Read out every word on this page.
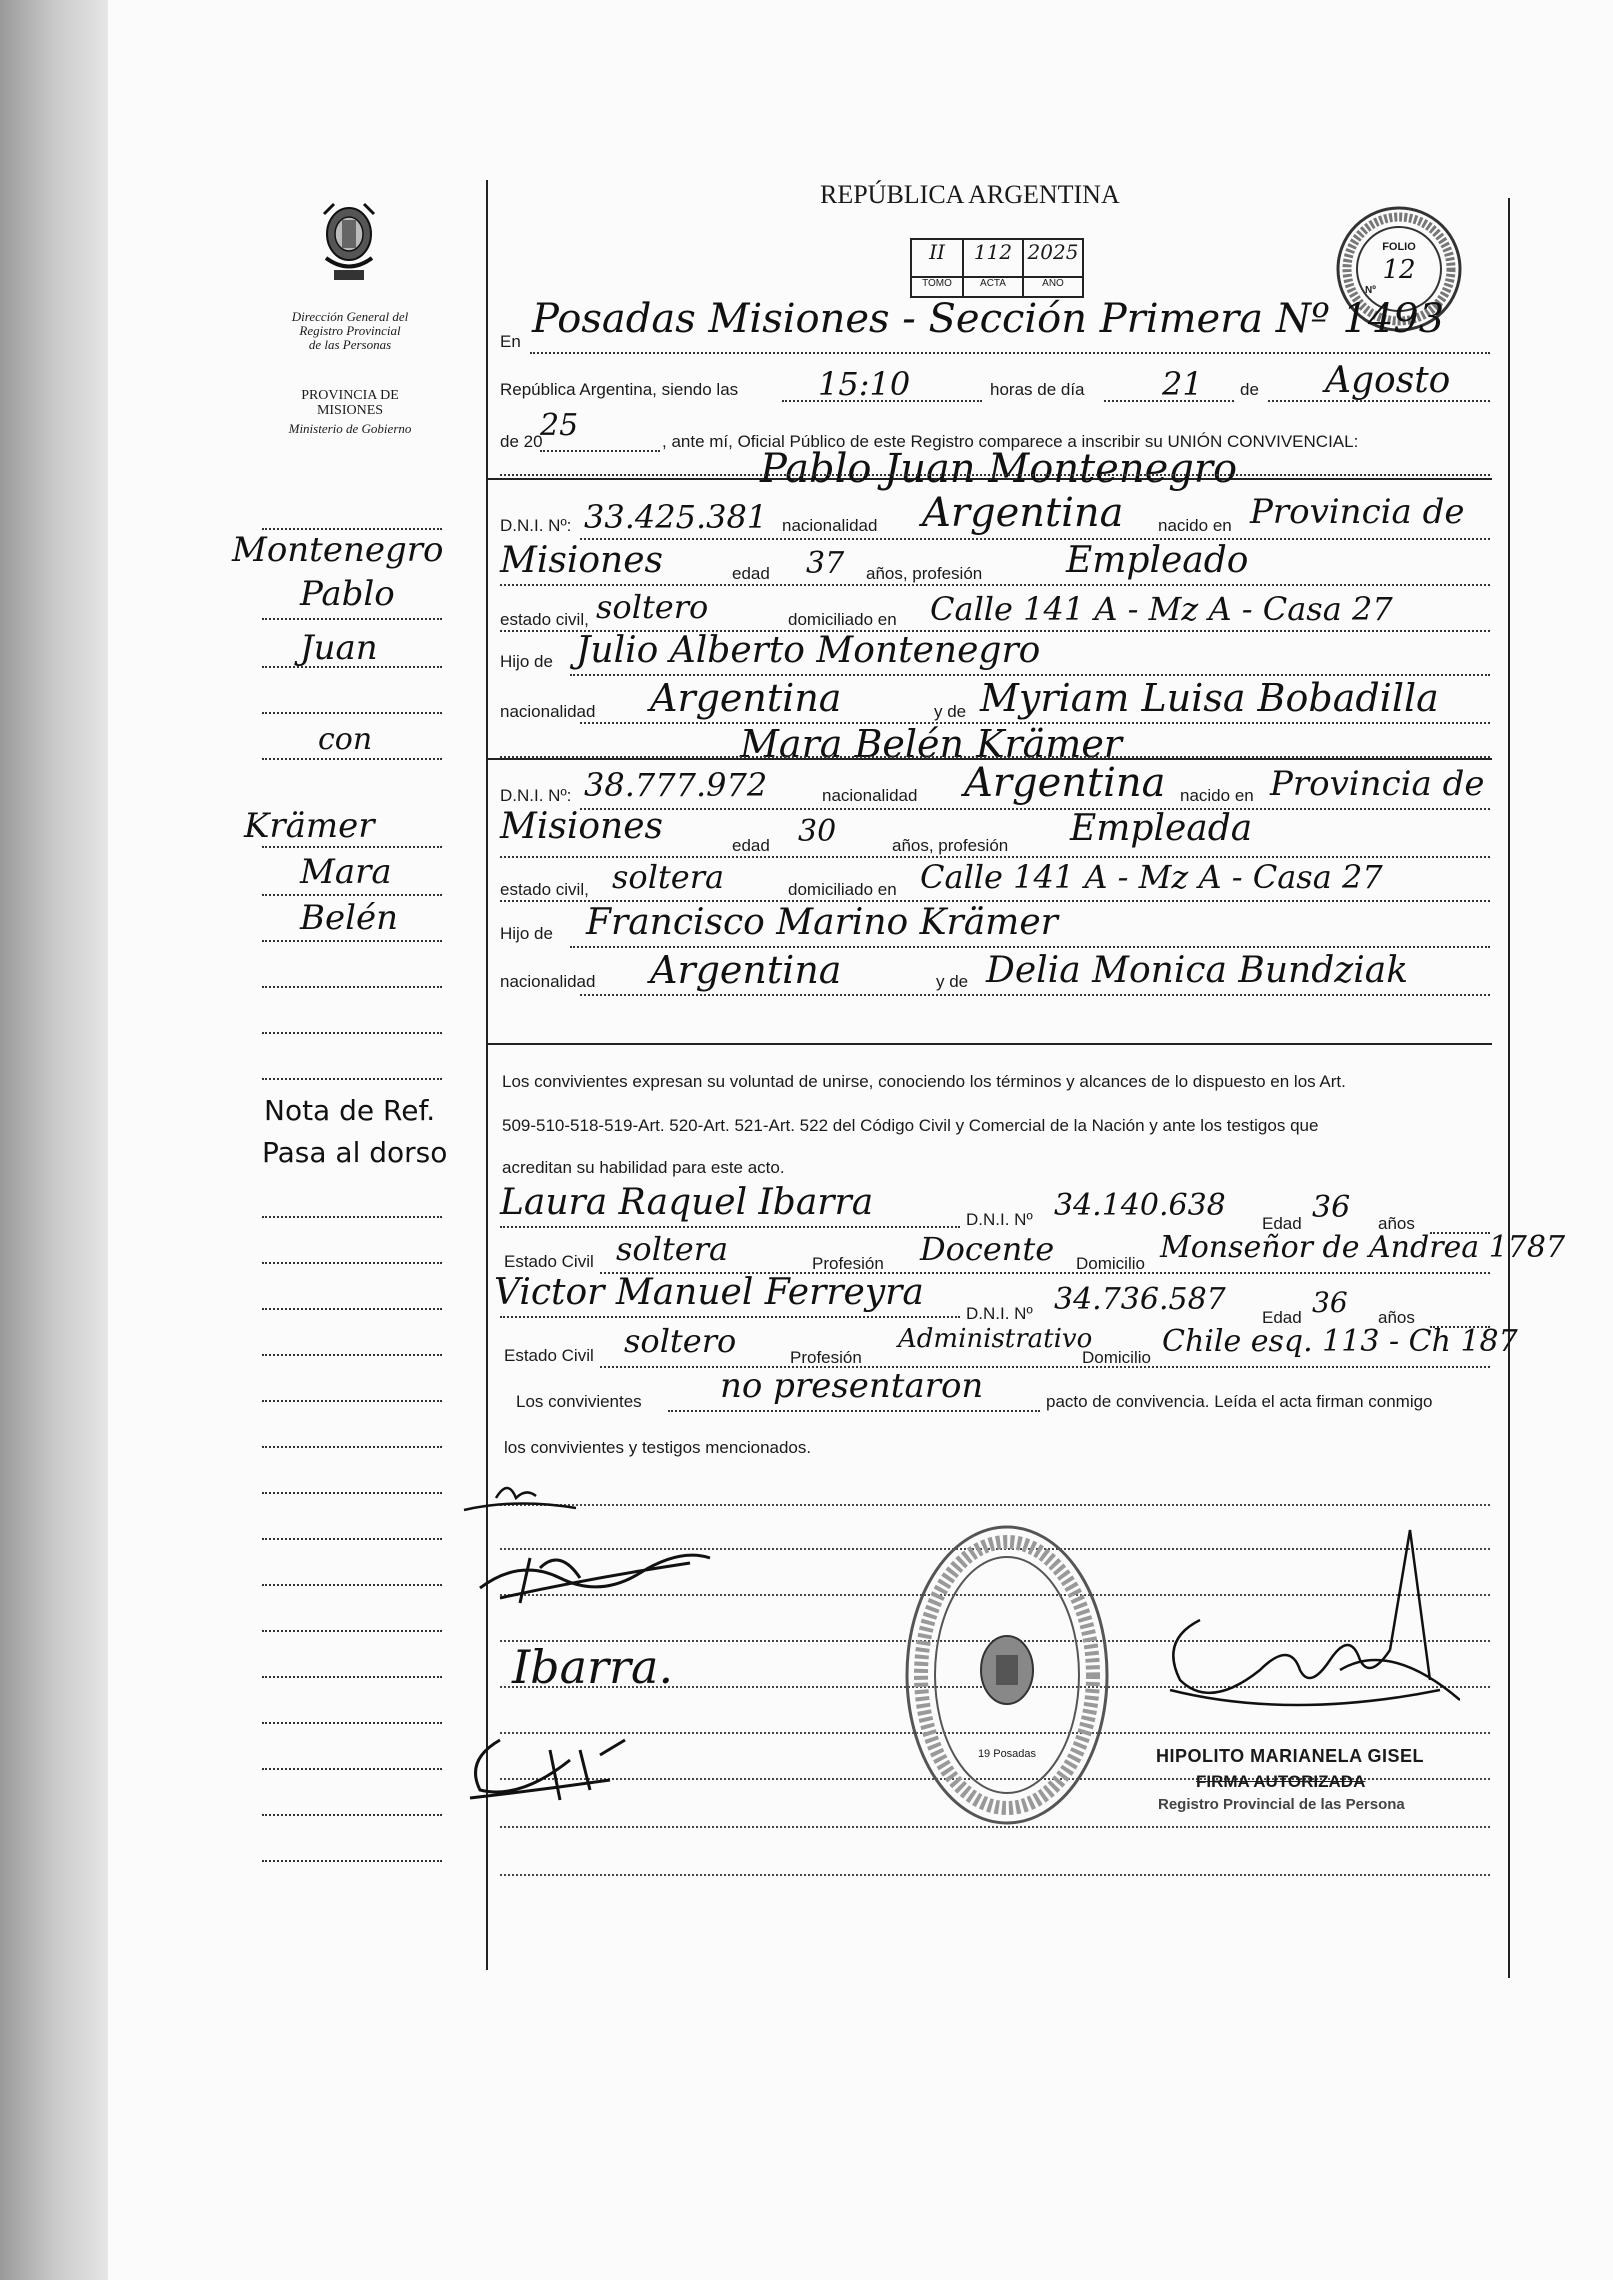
Dirección General del
Registro Provincial
de las Personas
PROVINCIA DE
MISIONES
Ministerio de Gobierno
REPÚBLICA ARGENTINA
II	112 2025
TOMO	ACTA	AÑO
FOLIO
12
Nº
En Posadas Misiones - Sección Primera Nº 1493
República Argentina, siendo las 15:10	horas de día 21 de Agosto
de 20
25	, ante mí, Oficial Público de este Registro comparece a inscribir su UNIÓN CONVIVENCIAL:
Pablo Juan Montenegro
D.N.I. Nº: 33.425.381 nacionalidad Argentina nacido en Provincia de
Misiones	edad 37 años, profesión Empleado
estado civil, soltero	domiciliado en Calle 141 A - Mz A - Casa 27
Hijo de Julio Alberto Montenegro
nacionalidad Argentina	y de Myriam Luisa Bobadilla
Mara Belén Krämer
D.N.I. Nº: 38.777.972	nacionalidad Argentina nacido en Provincia de
Misiones	edad 30	años, profesión Empleada
estado civil, soltera	domiciliado en Calle 141 A - Mz A - Casa 27
Hijo de Francisco Marino Krämer
nacionalidad Argentina	y de Delia Monica Bundziak
Montenegro
Pablo
Juan
con
Krämer
Mara
Belén
Nota de Ref.
Pasa al dorso
Los convivientes expresan su voluntad de unirse, conociendo los términos y alcances de lo dispuesto en los Art.
509-510-518-519-Art. 520-Art. 521-Art. 522 del Código Civil y Comercial de la Nación y ante los testigos que
acreditan su habilidad para este acto.
Laura Raquel Ibarra	D.N.I. Nº 34.140.638
Edad 36 años
Estado Civil soltera	Profesión Docente Domicilio Monseñor de Andrea 1787
Victor Manuel Ferreyra
D.N.I. Nº 34.736.587
Edad 36 años
Estado Civil soltero	Profesión
Administrativo
Domicilio Chile esq. 113 - Ch 187
Los convivientes no presentaron	pacto de convivencia. Leída el acta firman conmigo
los convivientes y testigos mencionados.
Ibarra.
19 Posadas	HIPOLITO MARIANELA GISEL
FIRMA AUTORIZADA
Registro Provincial de las Persona
